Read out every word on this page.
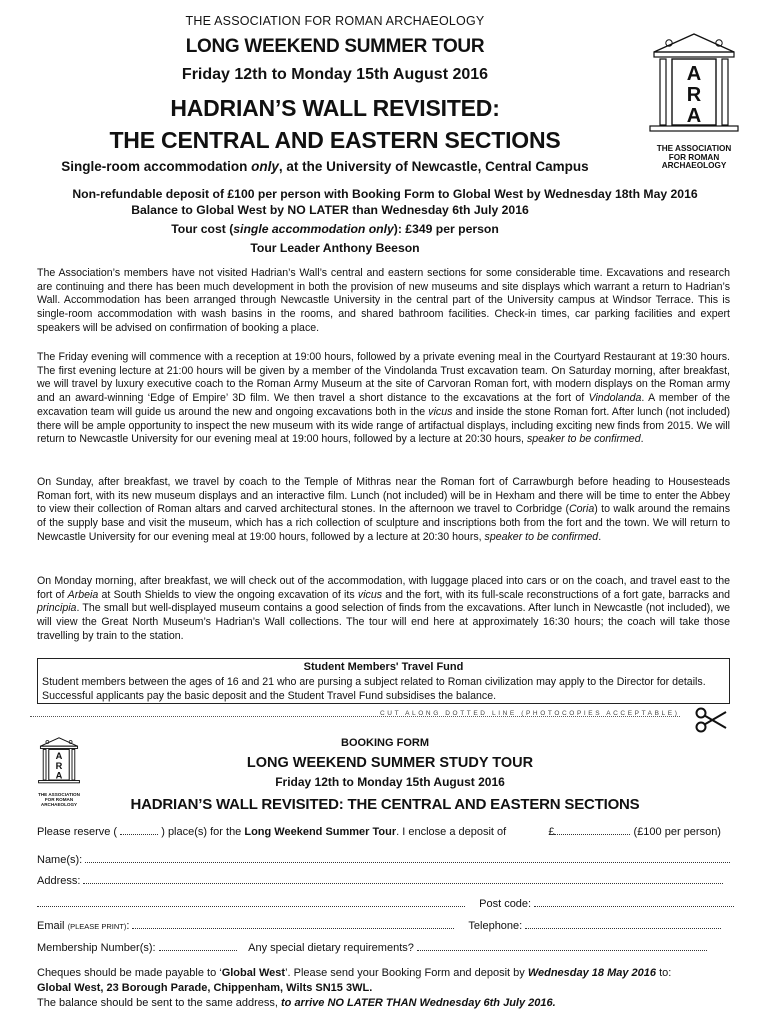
THE ASSOCIATION FOR ROMAN ARCHAEOLOGY
LONG WEEKEND SUMMER TOUR
Friday 12th to Monday 15th August 2016
HADRIAN’S WALL REVISITED:
THE CENTRAL AND EASTERN SECTIONS
Single-room accommodation only, at the University of Newcastle, Central Campus
A
R
A
THE ASSOCIATION
FOR ROMAN
ARCHAEOLOGY
Non-refundable deposit of £100 per person with Booking Form to Global West by Wednesday 18th May 2016
Balance to Global West by NO LATER than Wednesday 6th July 2016
Tour cost (single accommodation only): £349 per person
Tour Leader Anthony Beeson
The Association’s members have not visited Hadrian’s Wall’s central and eastern sections for some considerable time. Excavations and research are continuing and there has been much development in both the provision of new museums and site displays which warrant a return to Hadrian’s Wall. Accommodation has been arranged through Newcastle University in the central part of the University campus at Windsor Terrace. This is single-room accommodation with wash basins in the rooms, and shared bathroom facilities. Check-in times, car parking facilities and expert speakers will be advised on confirmation of booking a place.
The Friday evening will commence with a reception at 19:00 hours, followed by a private evening meal in the Courtyard Restaurant at 19:30 hours. The first evening lecture at 21:00 hours will be given by a member of the Vindolanda Trust excavation team. On Saturday morning, after breakfast, we will travel by luxury executive coach to the Roman Army Museum at the site of Carvoran Roman fort, with modern displays on the Roman army and an award-winning ‘Edge of Empire’ 3D film. We then travel a short distance to the excavations at the fort of Vindolanda. A member of the excavation team will guide us around the new and ongoing excavations both in the vicus and inside the stone Roman fort. After lunch (not included) there will be ample opportunity to inspect the new museum with its wide range of artifactual displays, including exciting new finds from 2015. We will return to Newcastle University for our evening meal at 19:00 hours, followed by a lecture at 20:30 hours, speaker to be confirmed.
On Sunday, after breakfast, we travel by coach to the Temple of Mithras near the Roman fort of Carrawburgh before heading to Housesteads Roman fort, with its new museum displays and an interactive film. Lunch (not included) will be in Hexham and there will be time to enter the Abbey to view their collection of Roman altars and carved architectural stones. In the afternoon we travel to Corbridge (Coria) to walk around the remains of the supply base and visit the museum, which has a rich collection of sculpture and inscriptions both from the fort and the town. We will return to Newcastle University for our evening meal at 19:00 hours, followed by a lecture at 20:30 hours, speaker to be confirmed.
On Monday morning, after breakfast, we will check out of the accommodation, with luggage placed into cars or on the coach, and travel east to the fort of Arbeia at South Shields to view the ongoing excavation of its vicus and the fort, with its full-scale reconstructions of a fort gate, barracks and principia. The small but well-displayed museum contains a good selection of finds from the excavations. After lunch in Newcastle (not included), we will view the Great North Museum’s Hadrian’s Wall collections. The tour will end here at approximately 16:30 hours; the coach will take those travelling by train to the station.
Student Members' Travel Fund
Student members between the ages of 16 and 21 who are pursing a subject related to Roman civilization may apply to the Director for details. Successful applicants pay the basic deposit and the Student Travel Fund subsidises the balance.
CUT ALONG DOTTED LINE (PHOTOCOPIES ACCEPTABLE)
A
R
A
THE ASSOCIATION
FOR ROMAN
ARCHAEOLOGY
BOOKING FORM
LONG WEEKEND SUMMER STUDY TOUR
Friday 12th to Monday 15th August 2016
HADRIAN’S WALL REVISITED: THE CENTRAL AND EASTERN SECTIONS
Please reserve (	) place(s) for the Long Weekend Summer Tour. I enclose a deposit of	£	(£100 per person)
Name(s):
Address:
Post code:
Email (PLEASE PRINT):	Telephone:
Membership Number(s):	Any special dietary requirements?
Cheques should be made payable to ‘Global West’. Please send your Booking Form and deposit by Wednesday 18 May 2016 to:
Global West, 23 Borough Parade, Chippenham, Wilts SN15 3WL.
The balance should be sent to the same address, to arrive NO LATER THAN Wednesday 6th July 2016.
